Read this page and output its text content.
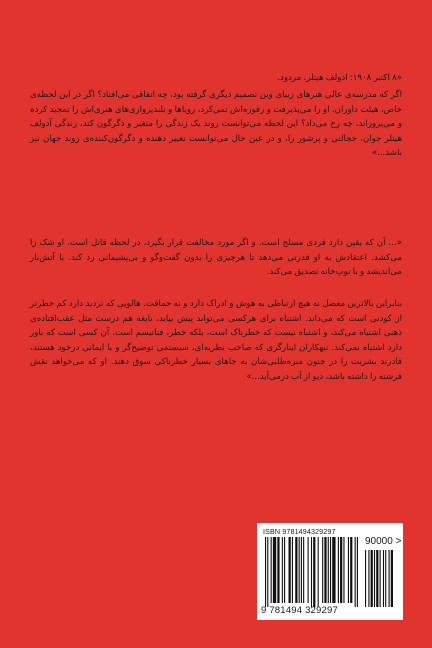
«۸ اکتبر ۱۹۰۸: ادولف هیتلر، مردود.

اگر که مدرسه‌ی عالی هنرهای زیبای وین تصمیم دیگری گرفته بود، چه اتفاقی می‌افتاد؟ اگر در این لحظه‌ی خاص، هیئت داوران، او را می‌پذیرفت و رفوزه‌اش نمی‌کرد، رویاها و بلندپروازی‌های هنری‌اش را تمجید کرده و می‌پروراند، چه رخ می‌داد؟ این لحظه می‌توانست روند یک زندگی را متغیر و دگرگون کند، زندگی آدولف هیتلر جوان، خجالتی و پرشور را، و در عین حال می‌توانست تغییر دهنده و دگرگون‌کننده‌ی روند جهان نیز باشد...»

«... آن که یقین دارد فردی مسلح است. و اگر مورد مخالفت قرار بگیرد، در لحظه قاتل است. او شک را می‌کشد. اعتقادش به او قدرتی می‌دهد تا هرچیزی را بدون گفت‌وگو و بی‌پشیمانی رد کند. با آتش‌بار می‌اندیشد و با توپ‌خانه تصدیق می‌کند.

بنابراین بالاترین معضل نه هیچ ارتباطی به هوش و ادراک دارد و نه حماقت. هالویی که تردید دارد کم خطرتر از کودنی است که می‌داند. اشتباه برای هرکسی می‌تواند پیش بیاید، نابغه هم درست مثل عقب‌افتاده‌ی ذهنی اشتباه می‌کند، و اشتباه نیست که خطرناک است، بلکه خطر، فناتیسم است. آن کسی است که باور دارد اشتباه نمی‌کند. تبهکاران اینارگری که صاحب نظریه‌ای، سیستمی توضیح‌گر و با ایمانی درخود هستند، قادرند بشریت را در جنون منزه‌طلبی‌شان به جاهای بسیار خطرناکی سوق دهند. او که می‌خواهد نقش فرشته را داشته باشد، دیو از آب درمی‌آید...»

ISBN 9781494329297
90000 >
9 781494 329297
